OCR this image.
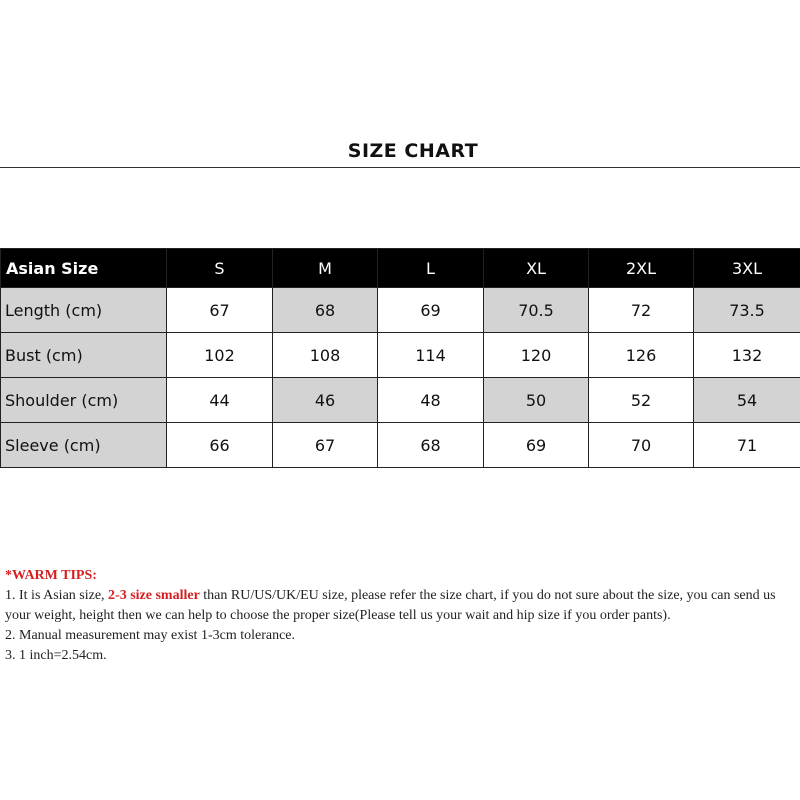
SIZE CHART
Asian Size	S	M	L	XL	2XL	3XL
Length (cm)	67	68	69	70.5	72	73.5
Bust (cm)	102	108	114	120	126	132
Shoulder (cm)	44	46	48	50	52	54
Sleeve (cm)	66	67	68	69	70	71

*WARM TIPS:

1. It is Asian size, 2-3 size smaller than RU/US/UK/EU size, please refer the size chart, if you do not sure about the size, you can send us your weight, height then we can help to choose the proper size(Please tell us your wait and hip size if you order pants).

2. Manual measurement may exist 1-3cm tolerance.

3. 1 inch=2.54cm.
